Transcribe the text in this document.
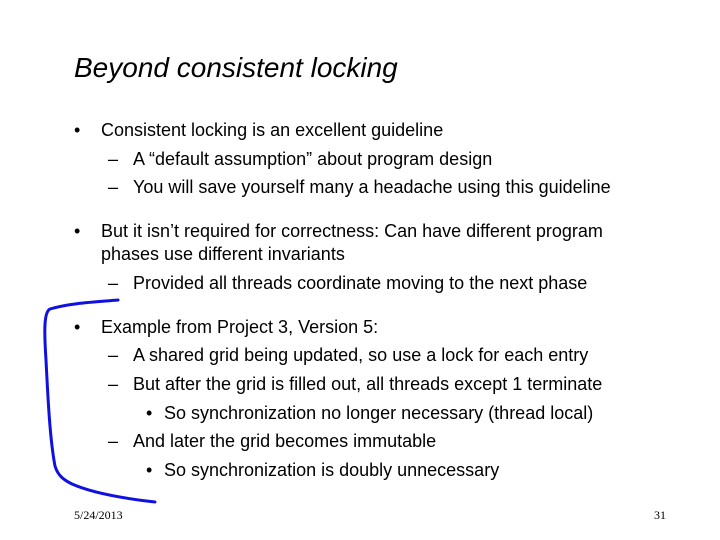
Beyond consistent locking
• Consistent locking is an excellent guideline
– A “default assumption” about program design
– You will save yourself many a headache using this guideline
• But it isn’t required for correctness: Can have different program
phases use different invariants
– Provided all threads coordinate moving to the next phase
• Example from Project 3, Version 5:
– A shared grid being updated, so use a lock for each entry
– But after the grid is filled out, all threads except 1 terminate
• So synchronization no longer necessary (thread local)
– And later the grid becomes immutable
• So synchronization is doubly unnecessary
5/24/2013	31
